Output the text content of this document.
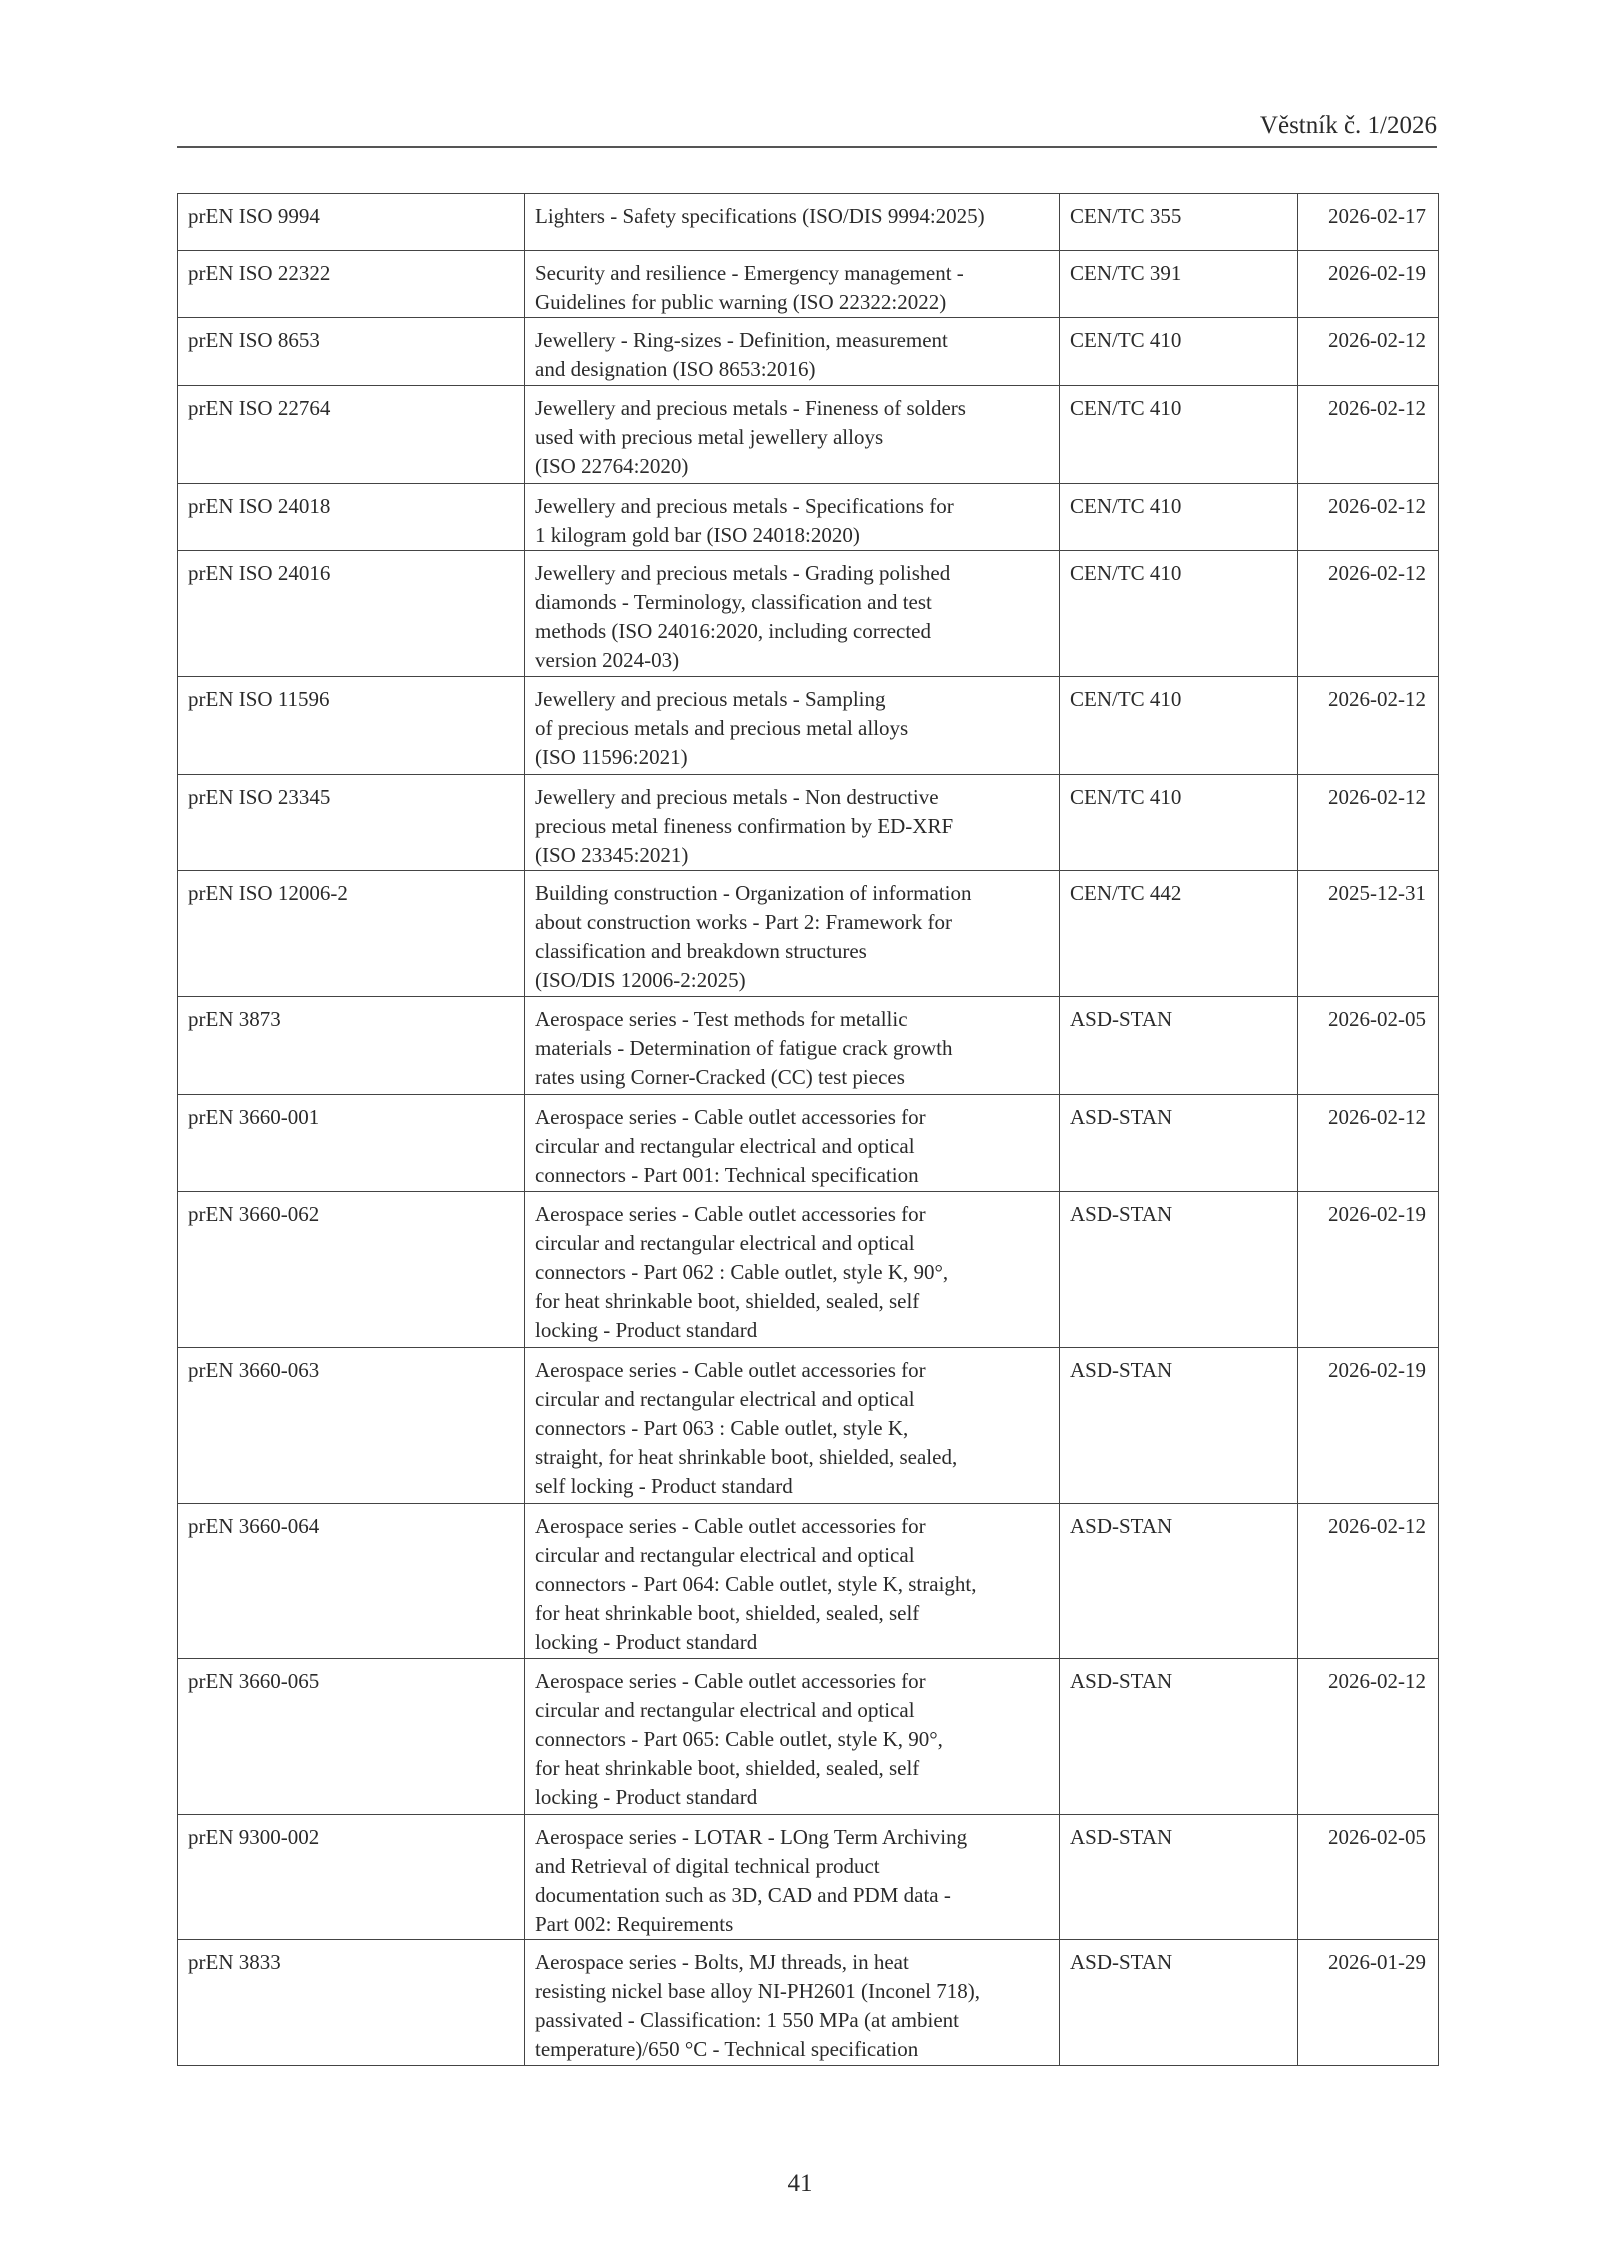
Věstník č. 1/2026
prEN ISO 9994	Lighters - Safety specifications (ISO/DIS 9994:2025)	CEN/TC 355	2026-02-17
prEN ISO 22322	Security and resilience - Emergency management -
Guidelines for public warning (ISO 22322:2022)	CEN/TC 391	2026-02-19
prEN ISO 8653	Jewellery - Ring-sizes - Definition, measurement
and designation (ISO 8653:2016)	CEN/TC 410	2026-02-12
prEN ISO 22764	Jewellery and precious metals - Fineness of solders
used with precious metal jewellery alloys
(ISO 22764:2020)	CEN/TC 410	2026-02-12
prEN ISO 24018	Jewellery and precious metals - Specifications for
1 kilogram gold bar (ISO 24018:2020)	CEN/TC 410	2026-02-12
prEN ISO 24016	Jewellery and precious metals - Grading polished
diamonds - Terminology, classification and test
methods (ISO 24016:2020, including corrected
version 2024-03)	CEN/TC 410	2026-02-12
prEN ISO 11596	Jewellery and precious metals - Sampling
of precious metals and precious metal alloys
(ISO 11596:2021)	CEN/TC 410	2026-02-12
prEN ISO 23345	Jewellery and precious metals - Non destructive
precious metal fineness confirmation by ED-XRF
(ISO 23345:2021)	CEN/TC 410	2026-02-12
prEN ISO 12006-2	Building construction - Organization of information
about construction works - Part 2: Framework for
classification and breakdown structures
(ISO/DIS 12006-2:2025)	CEN/TC 442	2025-12-31
prEN 3873	Aerospace series - Test methods for metallic
materials - Determination of fatigue crack growth
rates using Corner-Cracked (CC) test pieces	ASD-STAN	2026-02-05
prEN 3660-001	Aerospace series - Cable outlet accessories for
circular and rectangular electrical and optical
connectors - Part 001: Technical specification	ASD-STAN	2026-02-12
prEN 3660-062	Aerospace series - Cable outlet accessories for
circular and rectangular electrical and optical
connectors - Part 062 : Cable outlet, style K, 90°,
for heat shrinkable boot, shielded, sealed, self
locking - Product standard	ASD-STAN	2026-02-19
prEN 3660-063	Aerospace series - Cable outlet accessories for
circular and rectangular electrical and optical
connectors - Part 063 : Cable outlet, style K,
straight, for heat shrinkable boot, shielded, sealed,
self locking - Product standard	ASD-STAN	2026-02-19
prEN 3660-064	Aerospace series - Cable outlet accessories for
circular and rectangular electrical and optical
connectors - Part 064: Cable outlet, style K, straight,
for heat shrinkable boot, shielded, sealed, self
locking - Product standard	ASD-STAN	2026-02-12
prEN 3660-065	Aerospace series - Cable outlet accessories for
circular and rectangular electrical and optical
connectors - Part 065: Cable outlet, style K, 90°,
for heat shrinkable boot, shielded, sealed, self
locking - Product standard	ASD-STAN	2026-02-12
prEN 9300-002	Aerospace series - LOTAR - LOng Term Archiving
and Retrieval of digital technical product
documentation such as 3D, CAD and PDM data -
Part 002: Requirements	ASD-STAN	2026-02-05
prEN 3833	Aerospace series - Bolts, MJ threads, in heat
resisting nickel base alloy NI-PH2601 (Inconel 718),
passivated - Classification: 1 550 MPa (at ambient
temperature)/650 °C - Technical specification	ASD-STAN	2026-01-29
41
